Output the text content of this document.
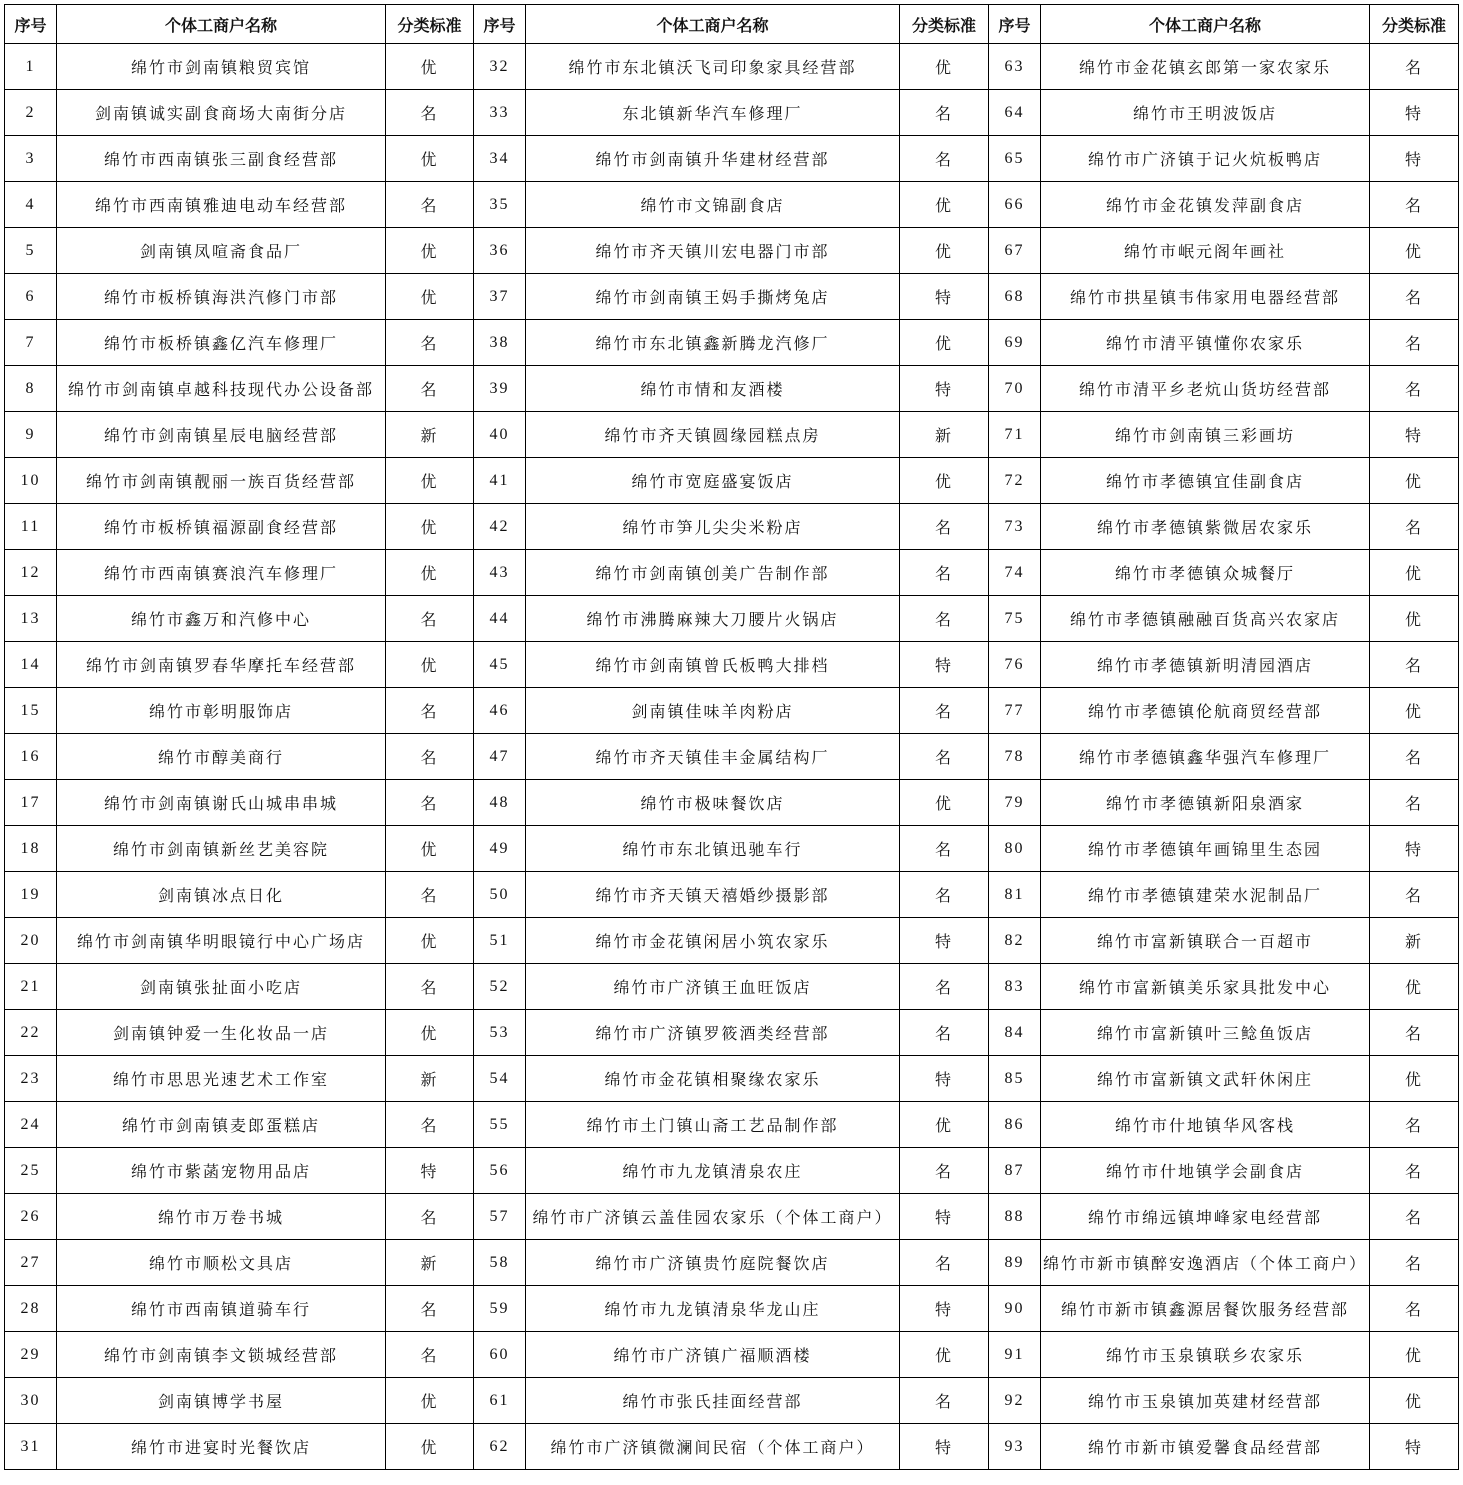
序号	个体工商户名称	分类标准	序号	个体工商户名称	分类标准	序号	个体工商户名称	分类标准
1	绵竹市剑南镇粮贸宾馆	优	32	绵竹市东北镇沃飞司印象家具经营部	优	63	绵竹市金花镇玄郎第一家农家乐	名
2	剑南镇诚实副食商场大南街分店	名	33	东北镇新华汽车修理厂	名	64	绵竹市王明波饭店	特
3	绵竹市西南镇张三副食经营部	优	34	绵竹市剑南镇升华建材经营部	名	65	绵竹市广济镇于记火炕板鸭店	特
4	绵竹市西南镇雅迪电动车经营部	名	35	绵竹市文锦副食店	优	66	绵竹市金花镇发萍副食店	名
5	剑南镇凤喧斋食品厂	优	36	绵竹市齐天镇川宏电器门市部	优	67	绵竹市岷元阁年画社	优
6	绵竹市板桥镇海洪汽修门市部	优	37	绵竹市剑南镇王妈手撕烤兔店	特	68	绵竹市拱星镇韦伟家用电器经营部	名
7	绵竹市板桥镇鑫亿汽车修理厂	名	38	绵竹市东北镇鑫新腾龙汽修厂	优	69	绵竹市清平镇懂你农家乐	名
8	绵竹市剑南镇卓越科技现代办公设备部	名	39	绵竹市情和友酒楼	特	70	绵竹市清平乡老炕山货坊经营部	名
9	绵竹市剑南镇星辰电脑经营部	新	40	绵竹市齐天镇圆缘园糕点房	新	71	绵竹市剑南镇三彩画坊	特
10	绵竹市剑南镇靓丽一族百货经营部	优	41	绵竹市宽庭盛宴饭店	优	72	绵竹市孝德镇宜佳副食店	优
11	绵竹市板桥镇福源副食经营部	优	42	绵竹市笋儿尖尖米粉店	名	73	绵竹市孝德镇紫微居农家乐	名
12	绵竹市西南镇赛浪汽车修理厂	优	43	绵竹市剑南镇创美广告制作部	名	74	绵竹市孝德镇众城餐厅	优
13	绵竹市鑫万和汽修中心	名	44	绵竹市沸腾麻辣大刀腰片火锅店	名	75	绵竹市孝德镇融融百货高兴农家店	优
14	绵竹市剑南镇罗春华摩托车经营部	优	45	绵竹市剑南镇曾氏板鸭大排档	特	76	绵竹市孝德镇新明清园酒店	名
15	绵竹市彰明服饰店	名	46	剑南镇佳味羊肉粉店	名	77	绵竹市孝德镇伦航商贸经营部	优
16	绵竹市醇美商行	名	47	绵竹市齐天镇佳丰金属结构厂	名	78	绵竹市孝德镇鑫华强汽车修理厂	名
17	绵竹市剑南镇谢氏山城串串城	名	48	绵竹市极味餐饮店	优	79	绵竹市孝德镇新阳泉酒家	名
18	绵竹市剑南镇新丝艺美容院	优	49	绵竹市东北镇迅驰车行	名	80	绵竹市孝德镇年画锦里生态园	特
19	剑南镇冰点日化	名	50	绵竹市齐天镇天禧婚纱摄影部	名	81	绵竹市孝德镇建荣水泥制品厂	名
20	绵竹市剑南镇华明眼镜行中心广场店	优	51	绵竹市金花镇闲居小筑农家乐	特	82	绵竹市富新镇联合一百超市	新
21	剑南镇张扯面小吃店	名	52	绵竹市广济镇王血旺饭店	名	83	绵竹市富新镇美乐家具批发中心	优
22	剑南镇钟爱一生化妆品一店	优	53	绵竹市广济镇罗筱酒类经营部	名	84	绵竹市富新镇叶三鲶鱼饭店	名
23	绵竹市思思光速艺术工作室	新	54	绵竹市金花镇相聚缘农家乐	特	85	绵竹市富新镇文武轩休闲庄	优
24	绵竹市剑南镇麦郎蛋糕店	名	55	绵竹市土门镇山斋工艺品制作部	优	86	绵竹市什地镇华风客栈	名
25	绵竹市紫菡宠物用品店	特	56	绵竹市九龙镇清泉农庄	名	87	绵竹市什地镇学会副食店	名
26	绵竹市万卷书城	名	57	绵竹市广济镇云盖佳园农家乐（个体工商户）	特	88	绵竹市绵远镇坤峰家电经营部	名
27	绵竹市顺松文具店	新	58	绵竹市广济镇贵竹庭院餐饮店	名	89	绵竹市新市镇醉安逸酒店（个体工商户）	名
28	绵竹市西南镇道骑车行	名	59	绵竹市九龙镇清泉华龙山庄	特	90	绵竹市新市镇鑫源居餐饮服务经营部	名
29	绵竹市剑南镇李文锁城经营部	名	60	绵竹市广济镇广福顺酒楼	优	91	绵竹市玉泉镇联乡农家乐	优
30	剑南镇博学书屋	优	61	绵竹市张氏挂面经营部	名	92	绵竹市玉泉镇加英建材经营部	优
31	绵竹市进宴时光餐饮店	优	62	绵竹市广济镇微澜间民宿（个体工商户）	特	93	绵竹市新市镇爱馨食品经营部	特
